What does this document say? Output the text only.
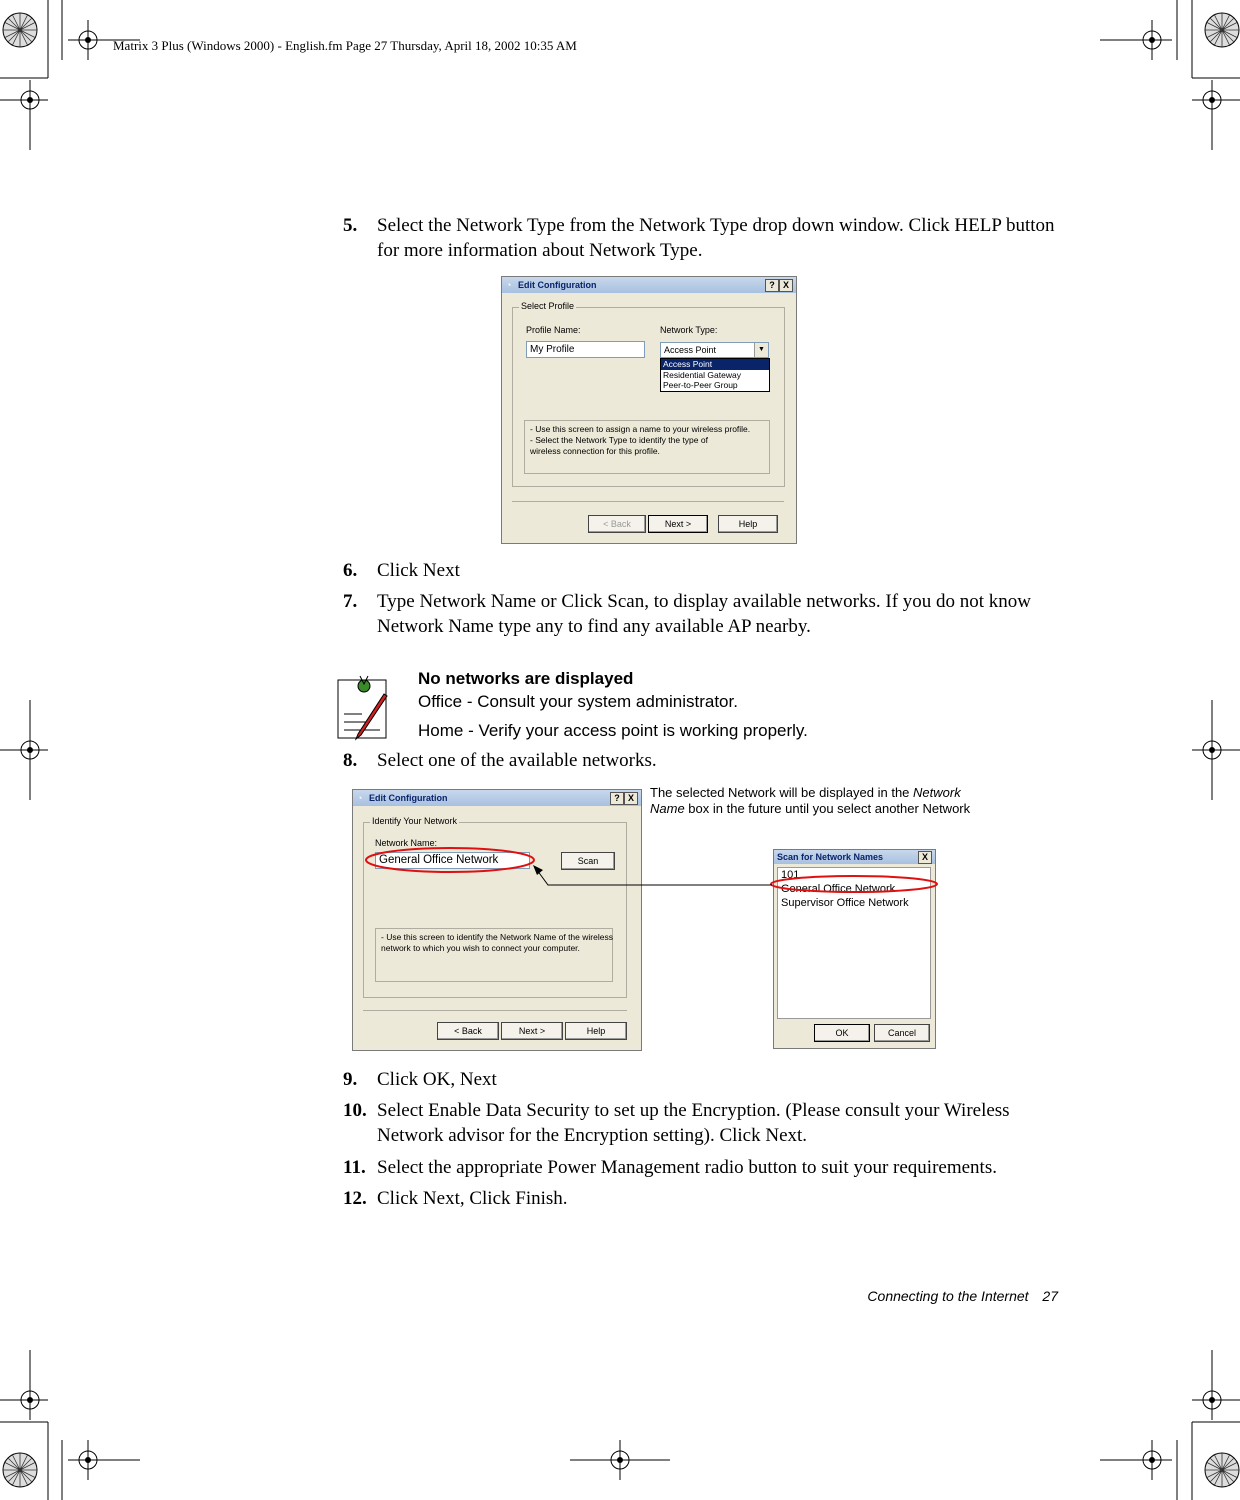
Matrix 3 Plus (Windows 2000) - English.fm Page 27 Thursday, April 18, 2002 10:35 AM
5. Select the Network Type from the Network Type drop down window. Click HELP button for more information about Network Type.
Edit Configuration
◔	? X
Select Profile
Profile Name:
My Profile
Network Type:
Access Point	▼
Access Point
Residential Gateway
Peer-to-Peer Group
- Use this screen to assign a name to your wireless profile.
- Select the Network Type to identify the type of
wireless connection for this profile.
< Back	Next >	Help
6. Click Next
7. Type Network Name or Click Scan, to display available networks. If you do not know Network Name type any to find any available AP nearby.
No networks are displayed
Office - Consult your system administrator.
Home - Verify your access point is working properly.
8. Select one of the available networks.
The selected Network will be displayed in the Network
Name box in the future until you select another Network
Edit Configuration
◔	? X
Identify Your Network
Network Name:
General Office Network	Scan
- Use this screen to identify the Network Name of the wireless
network to which you wish to connect your computer.
< Back	Next >	Help
Scan for Network Names	X
101
General Office Network
Supervisor Office Network
OK	Cancel
9. Click OK, Next
10. Select Enable Data Security to set up the Encryption. (Please consult your Wireless Network advisor for the Encryption setting). Click Next.
11. Select the appropriate Power Management radio button to suit your requirements.
12. Click Next, Click Finish.
Connecting to the Internet 27
